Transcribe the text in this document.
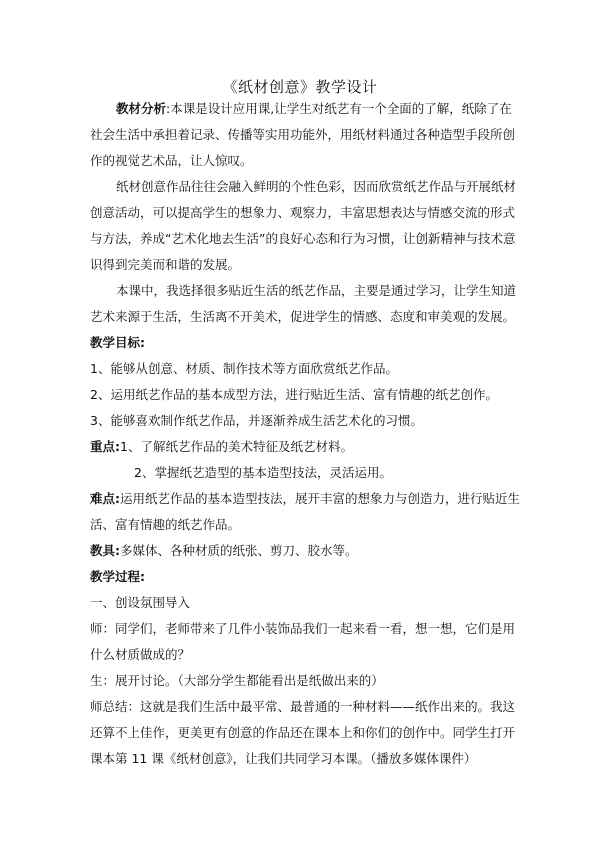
《纸材创意》教学设计

教材分析:本课是设计应用课,让学生对纸艺有一个全面的了解，纸除了在社会生活中承担着记录、传播等实用功能外，用纸材料通过各种造型手段所创作的视觉艺术品，让人惊叹。

纸材创意作品往往会融入鲜明的个性色彩，因而欣赏纸艺作品与开展纸材创意活动，可以提高学生的想象力、观察力，丰富思想表达与情感交流的形式与方法，养成“艺术化地去生活”的良好心态和行为习惯，让创新精神与技术意识得到完美而和谐的发展。

本课中，我选择很多贴近生活的纸艺作品，主要是通过学习，让学生知道艺术来源于生活，生活离不开美术，促进学生的情感、态度和审美观的发展。

教学目标:

1、能够从创意、材质、制作技术等方面欣赏纸艺作品。

2、运用纸艺作品的基本成型方法，进行贴近生活、富有情趣的纸艺创作。

3、能够喜欢制作纸艺作品，并逐渐养成生活艺术化的习惯。

重点:1、了解纸艺作品的美术特征及纸艺材料。

2、掌握纸艺造型的基本造型技法，灵活运用。

难点:运用纸艺作品的基本造型技法，展开丰富的想象力与创造力，进行贴近生活、富有情趣的纸艺作品。

教具:多媒体、各种材质的纸张、剪刀、胶水等。

教学过程:

一、创设氛围导入

师：同学们，老师带来了几件小装饰品我们一起来看一看，想一想，它们是用什么材质做成的？

生：展开讨论。（大部分学生都能看出是纸做出来的）

师总结：这就是我们生活中最平常、最普通的一种材料——纸作出来的。我这还算不上佳作，更美更有创意的作品还在课本上和你们的创作中。同学生打开课本第 11 课《纸材创意》，让我们共同学习本课。（播放多媒体课件）
